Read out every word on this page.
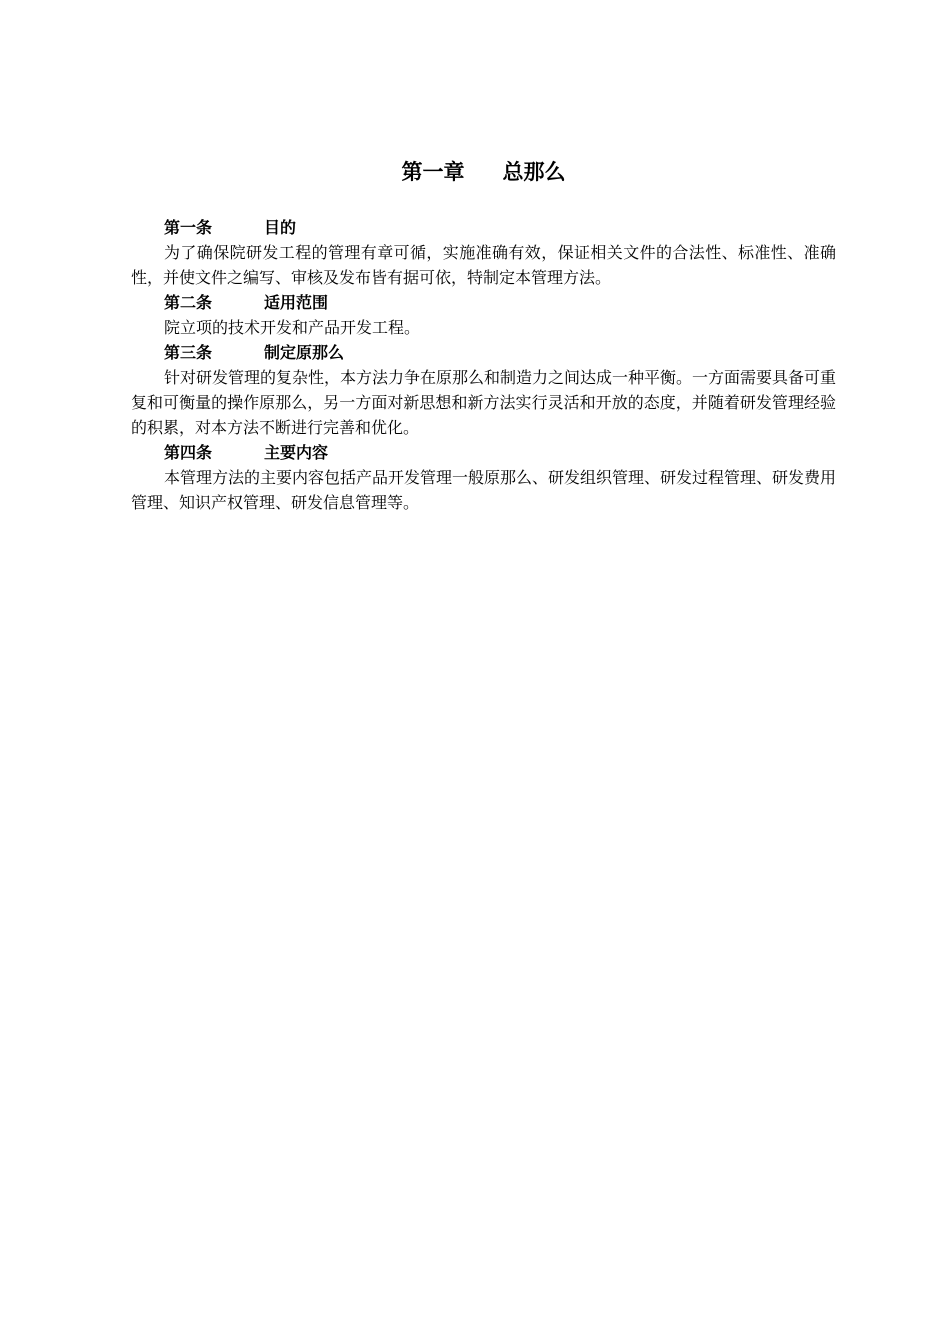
第一章 总那么
第一条	目的

为了确保院研发工程的管理有章可循，实施准确有效，保证相关文件的合法性、标准性、准确性，并使文件之编写、审核及发布皆有据可依，特制定本管理方法。

第二条	适用范围

院立项的技术开发和产品开发工程。

第三条	制定原那么

针对研发管理的复杂性，本方法力争在原那么和制造力之间达成一种平衡。一方面需要具备可重复和可衡量的操作原那么，另一方面对新思想和新方法实行灵活和开放的态度，并随着研发管理经验的积累，对本方法不断进行完善和优化。

第四条	主要内容

本管理方法的主要内容包括产品开发管理一般原那么、研发组织管理、研发过程管理、研发费用管理、知识产权管理、研发信息管理等。
